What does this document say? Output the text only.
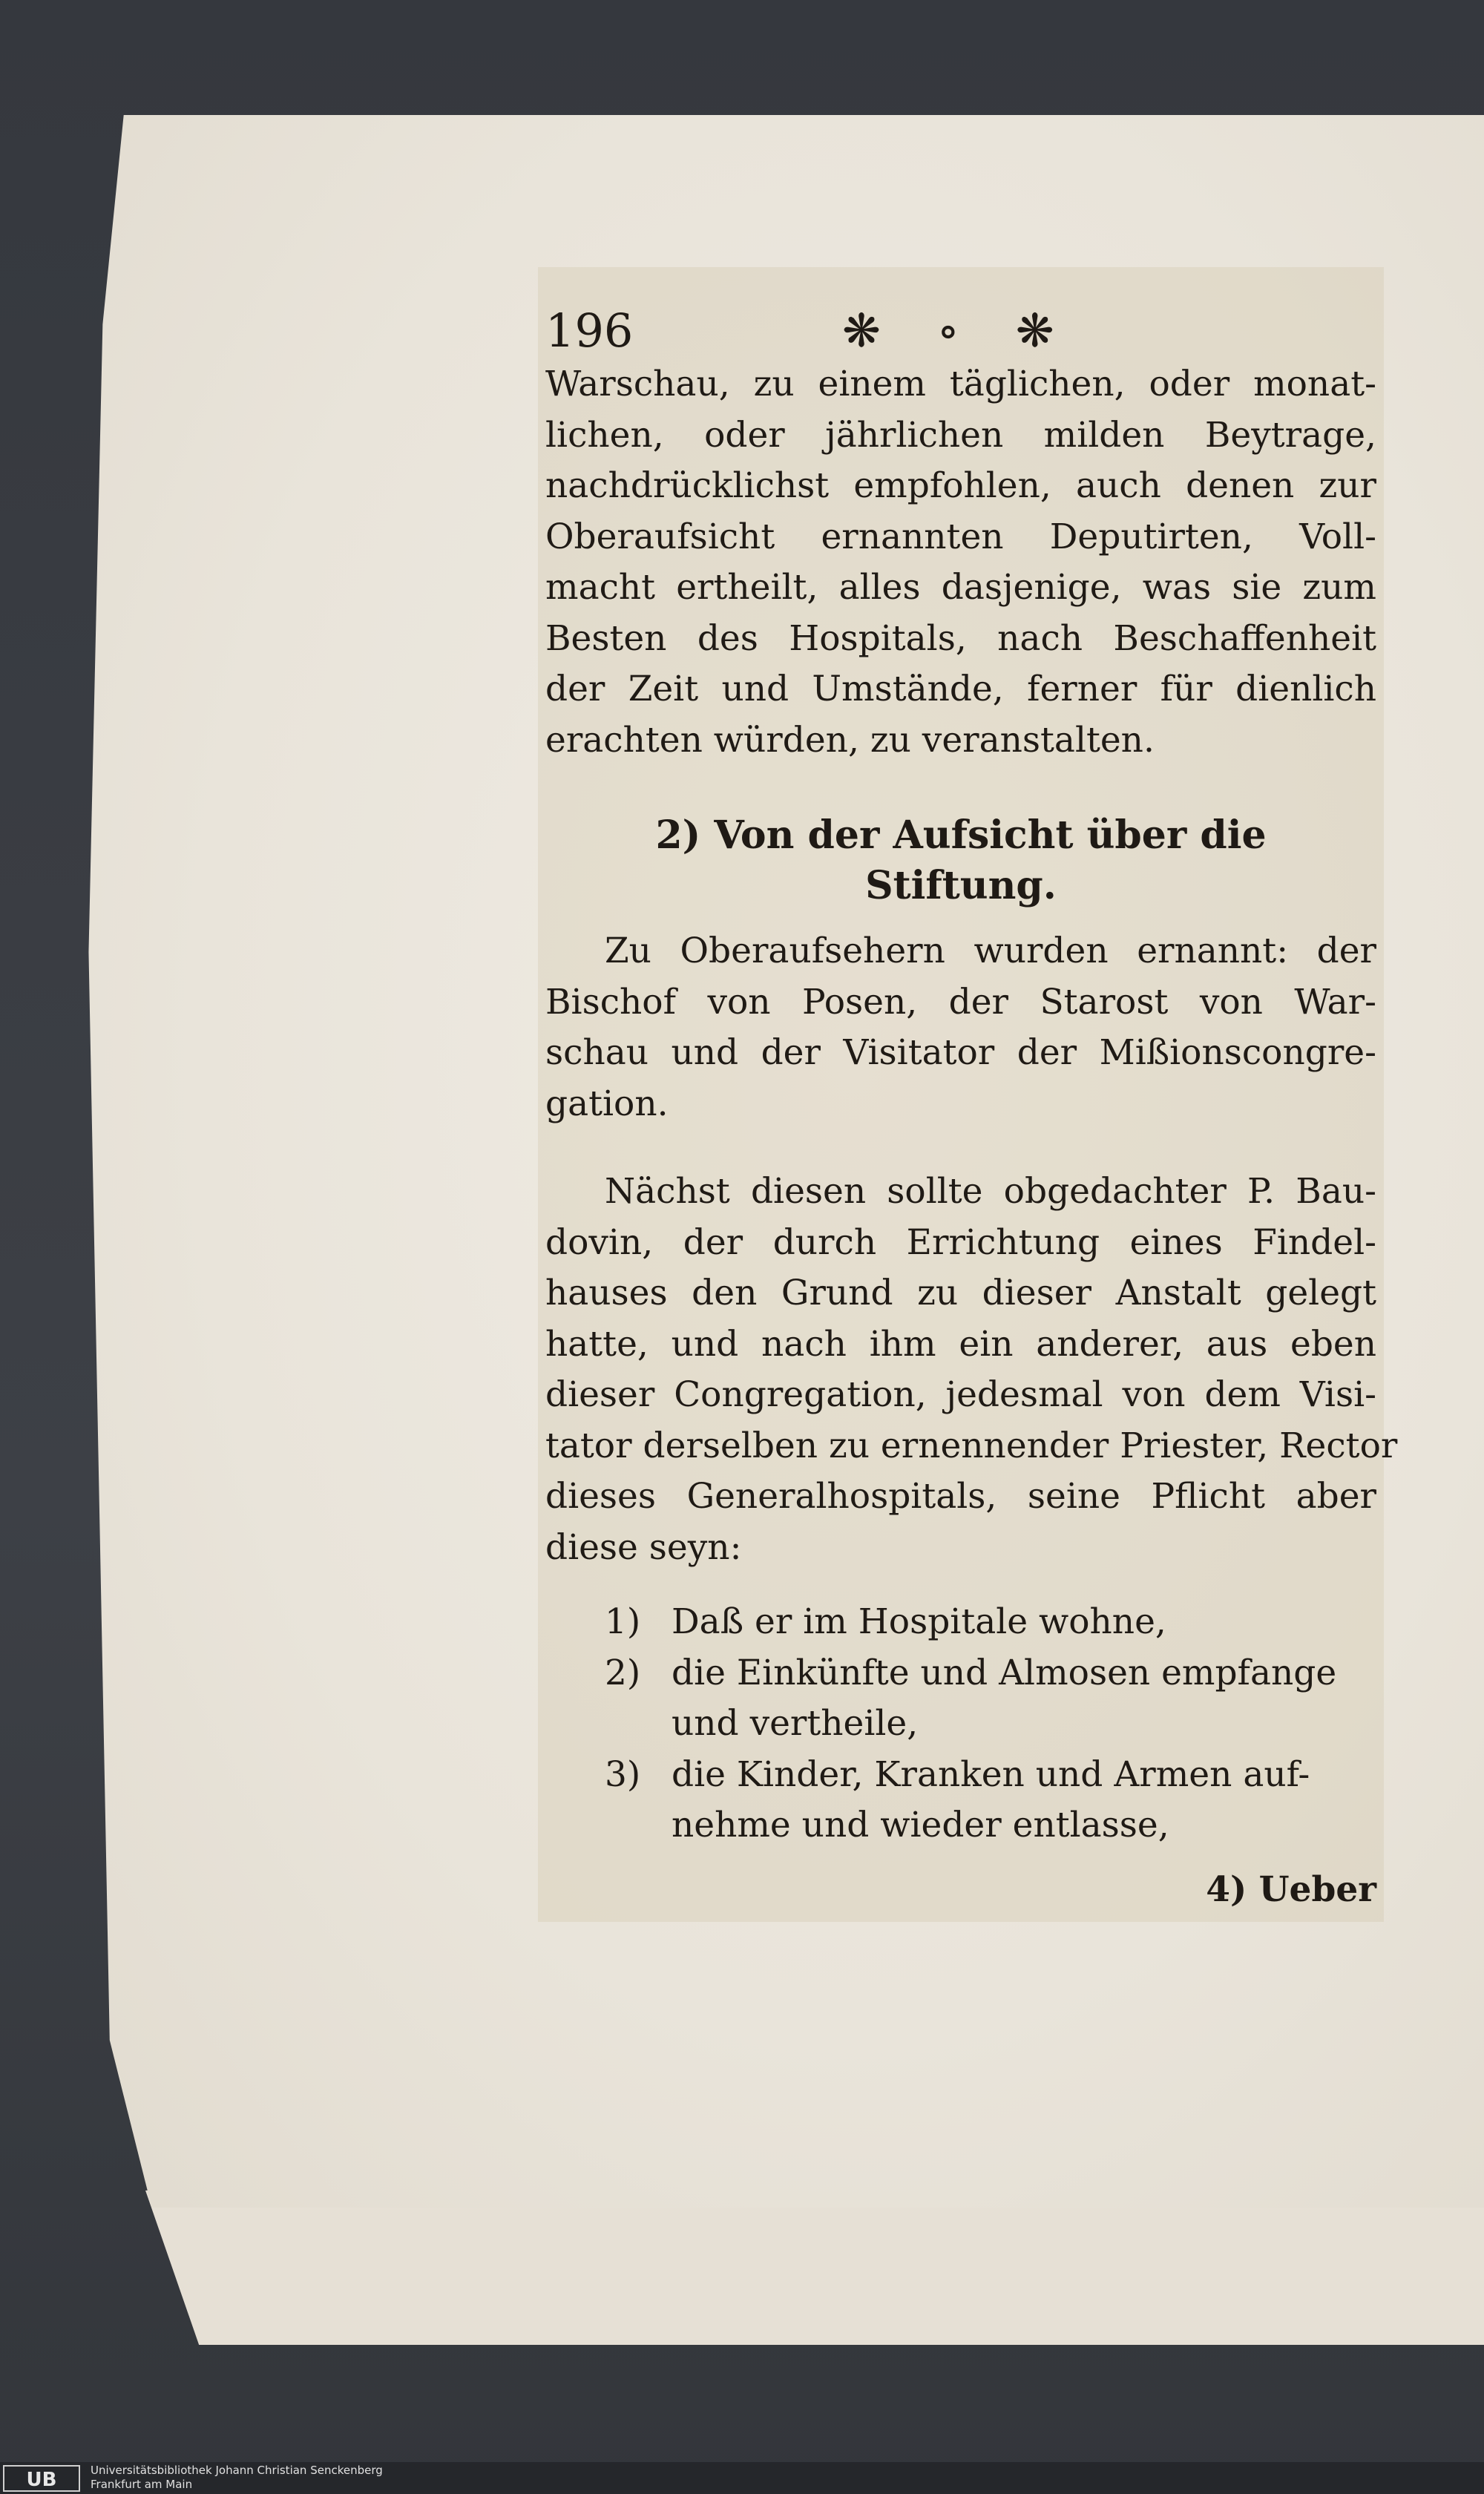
196	❋ ∘ ❋
Warschau, zu einem täglichen, oder monat-
lichen, oder jährlichen milden Beytrage,
nachdrücklichst empfohlen, auch denen zur
Oberaufsicht ernannten Deputirten, Voll-
macht ertheilt, alles dasjenige, was sie zum
Besten des Hospitals, nach Beschaffenheit
der Zeit und Umstände, ferner für dienlich
erachten würden, zu veranstalten.
2) Von der Aufsicht über die
Stiftung.
Zu Oberaufsehern wurden ernannt: der
Bischof von Posen, der Starost von War-
schau und der Visitator der Mißionscongre-
gation.
Nächst diesen sollte obgedachter P. Bau-
dovin, der durch Errichtung eines Findel-
hauses den Grund zu dieser Anstalt gelegt
hatte, und nach ihm ein anderer, aus eben
dieser Congregation, jedesmal von dem Visi-
tator derselben zu ernennender Priester, Rector
dieses Generalhospitals, seine Pflicht aber
diese seyn:
1) Daß er im Hospitale wohne,
2) die Einkünfte und Almosen empfange
und vertheile,
3) die Kinder, Kranken und Armen auf-
nehme und wieder entlasse,
4) Ueber
UB	Universitätsbibliothek Johann Christian Senckenberg
Frankfurt am Main
